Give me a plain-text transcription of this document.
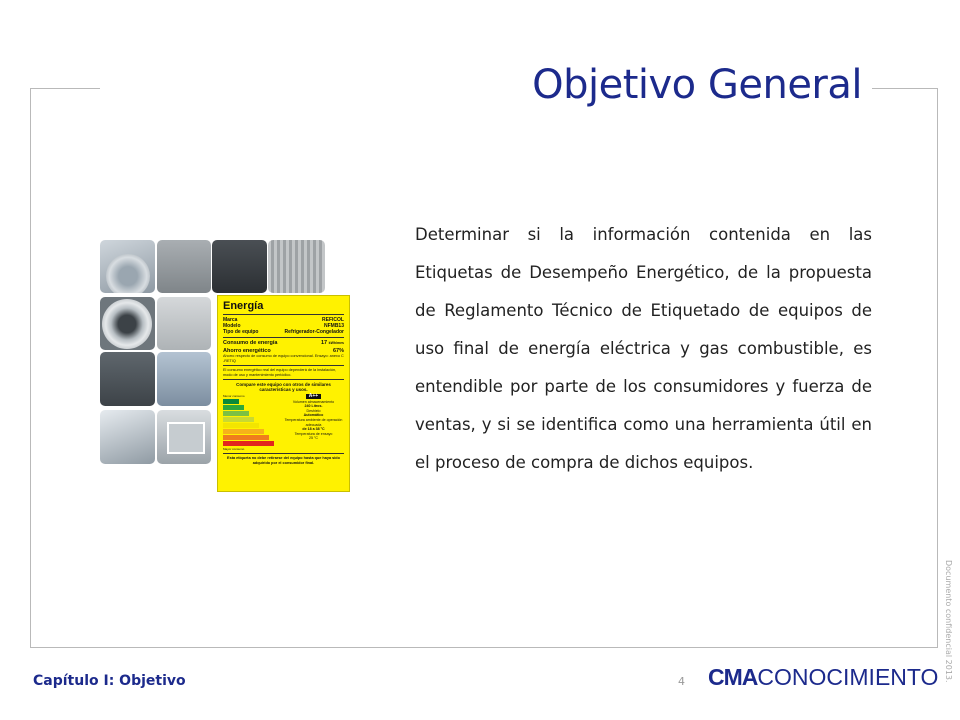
Objetivo General
Energía
Marca	REFICOL
Modelo	NFMB13
Tipo de equipo	Refrigerador-Congelador
Consumo de energía	17 kWh/mes
Ahorro energético	67%
Ahorro respecto de consumo de equipo convencional. Ensayo: anexo C -RETIQ
El consumo energético real del equipo dependerá de la instalación, modo de uso y mantenimiento periódico.
Compare este equipo con otros de similares características y usos.
Menor consumo
Mayor consumo
A++
Volumen almacenamiento
240 Litros.
Deshielo
Automático
Temperatura ambiente de operación adecuada
de 18 a 38 °C
Temperatura de ensayo
25 °C
Esta etiqueta no debe retirarse del equipo hasta que haya sido adquirido por el consumidor final.
Determinar si la información contenida en las Etiquetas de Desempeño Energético, de la propuesta de Reglamento Técnico de Etiquetado de equipos de uso final de energía eléctrica y gas combustible, es entendible por parte de los consumidores y fuerza de ventas, y si se identifica como una herramienta útil en el proceso de compra de dichos equipos.
Capítulo I: Objetivo	4 CMACONOCIMIENTO Documento confidencial 2013.
